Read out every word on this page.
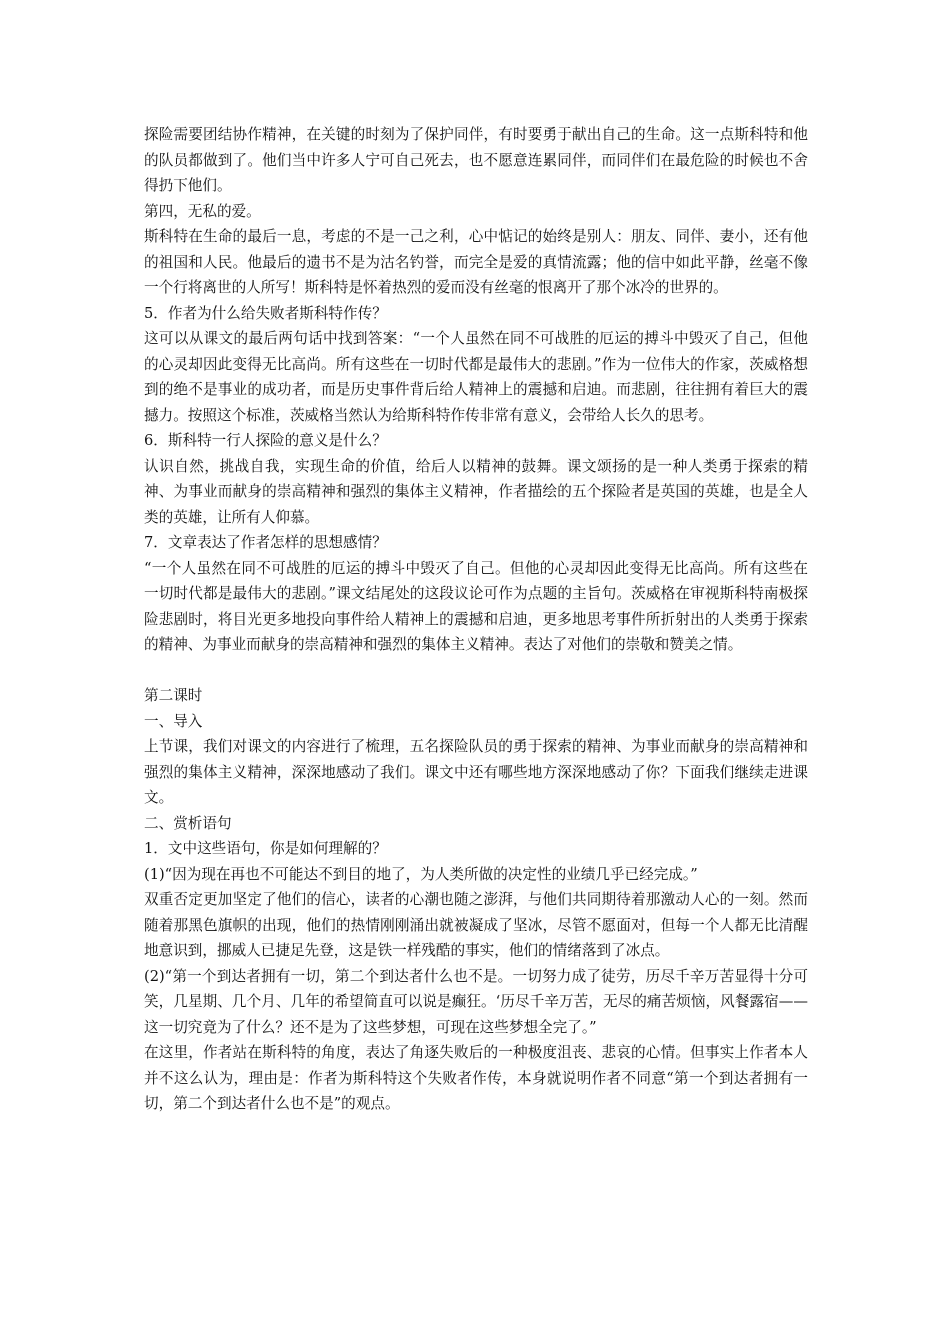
探险需要团结协作精神，在关键的时刻为了保护同伴，有时要勇于献出自己的生命。这一点斯科特和他的队员都做到了。他们当中许多人宁可自己死去，也不愿意连累同伴，而同伴们在最危险的时候也不舍得扔下他们。

第四，无私的爱。

斯科特在生命的最后一息，考虑的不是一己之利，心中惦记的始终是别人：朋友、同伴、妻小，还有他的祖国和人民。他最后的遗书不是为沽名钓誉，而完全是爱的真情流露；他的信中如此平静，丝毫不像一个行将离世的人所写！斯科特是怀着热烈的爱而没有丝毫的恨离开了那个冰冷的世界的。

5．作者为什么给失败者斯科特作传？

这可以从课文的最后两句话中找到答案：“一个人虽然在同不可战胜的厄运的搏斗中毁灭了自己，但他的心灵却因此变得无比高尚。所有这些在一切时代都是最伟大的悲剧。”作为一位伟大的作家，茨威格想到的绝不是事业的成功者，而是历史事件背后给人精神上的震撼和启迪。而悲剧，往往拥有着巨大的震撼力。按照这个标准，茨威格当然认为给斯科特作传非常有意义，会带给人长久的思考。

6．斯科特一行人探险的意义是什么？

认识自然，挑战自我，实现生命的价值，给后人以精神的鼓舞。课文颂扬的是一种人类勇于探索的精神、为事业而献身的崇高精神和强烈的集体主义精神，作者描绘的五个探险者是英国的英雄，也是全人类的英雄，让所有人仰慕。

7．文章表达了作者怎样的思想感情？

“一个人虽然在同不可战胜的厄运的搏斗中毁灭了自己。但他的心灵却因此变得无比高尚。所有这些在一切时代都是最伟大的悲剧。”课文结尾处的这段议论可作为点题的主旨句。茨威格在审视斯科特南极探险悲剧时，将目光更多地投向事件给人精神上的震撼和启迪，更多地思考事件所折射出的人类勇于探索的精神、为事业而献身的崇高精神和强烈的集体主义精神。表达了对他们的崇敬和赞美之情。

第二课时

一、导入

上节课，我们对课文的内容进行了梳理，五名探险队员的勇于探索的精神、为事业而献身的崇高精神和强烈的集体主义精神，深深地感动了我们。课文中还有哪些地方深深地感动了你？下面我们继续走进课文。

二、赏析语句

1．文中这些语句，你是如何理解的？

(1)“因为现在再也不可能达不到目的地了，为人类所做的决定性的业绩几乎已经完成。”

双重否定更加坚定了他们的信心，读者的心潮也随之澎湃，与他们共同期待着那激动人心的一刻。然而随着那黑色旗帜的出现，他们的热情刚刚涌出就被凝成了坚冰，尽管不愿面对，但每一个人都无比清醒地意识到，挪威人已捷足先登，这是铁一样残酷的事实，他们的情绪落到了冰点。

(2)“第一个到达者拥有一切，第二个到达者什么也不是。一切努力成了徒劳，历尽千辛万苦显得十分可笑，几星期、几个月、几年的希望简直可以说是癫狂。‘历尽千辛万苦，无尽的痛苦烦恼，风餐露宿——这一切究竟为了什么？还不是为了这些梦想，可现在这些梦想全完了。”

在这里，作者站在斯科特的角度，表达了角逐失败后的一种极度沮丧、悲哀的心情。但事实上作者本人并不这么认为，理由是：作者为斯科特这个失败者作传，本身就说明作者不同意“第一个到达者拥有一切，第二个到达者什么也不是”的观点。
